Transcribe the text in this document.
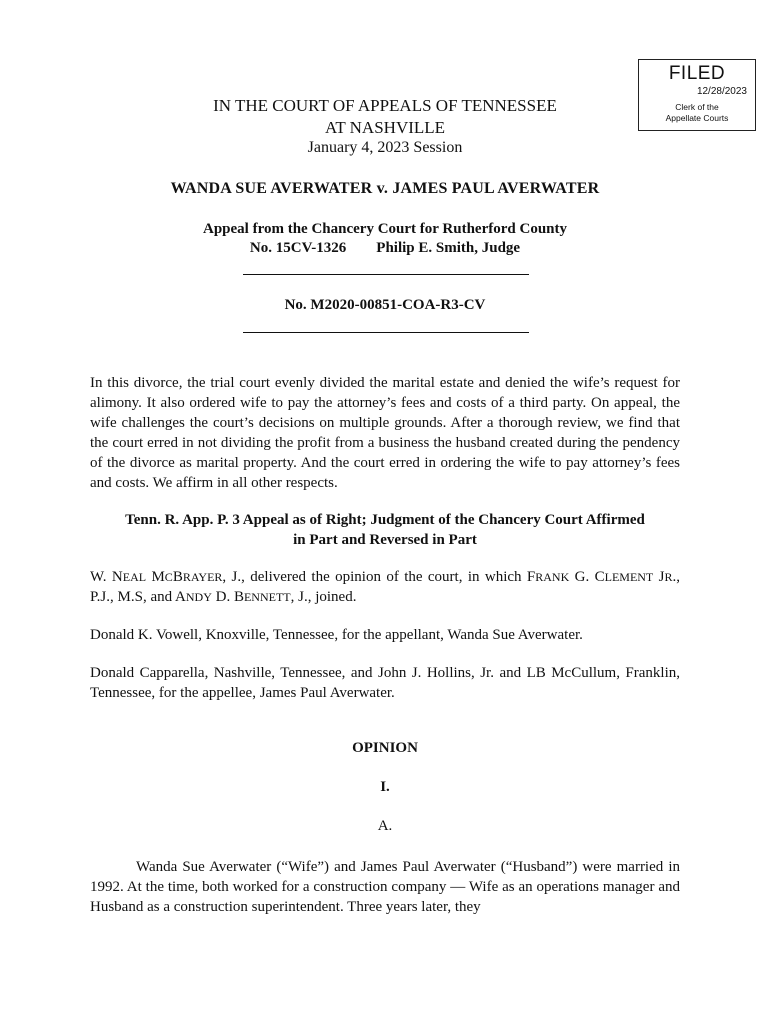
FILED
12/28/2023
Clerk of the
Appellate Courts
IN THE COURT OF APPEALS OF TENNESSEE
AT NASHVILLE
January 4, 2023 Session
WANDA SUE AVERWATER v. JAMES PAUL AVERWATER
Appeal from the Chancery Court for Rutherford County
No. 15CV-1326 Philip E. Smith, Judge
No. M2020-00851-COA-R3-CV
In this divorce, the trial court evenly divided the marital estate and denied the wife’s request for alimony. It also ordered wife to pay the attorney’s fees and costs of a third party. On appeal, the wife challenges the court’s decisions on multiple grounds. After a thorough review, we find that the court erred in not dividing the profit from a business the husband created during the pendency of the divorce as marital property. And the court erred in ordering the wife to pay attorney’s fees and costs. We affirm in all other respects.
Tenn. R. App. P. 3 Appeal as of Right; Judgment of the Chancery Court Affirmed
in Part and Reversed in Part
W. NEAL MCBRAYER, J., delivered the opinion of the court, in which FRANK G. CLEMENT JR., P.J., M.S, and ANDY D. BENNETT, J., joined.
Donald K. Vowell, Knoxville, Tennessee, for the appellant, Wanda Sue Averwater.
Donald Capparella, Nashville, Tennessee, and John J. Hollins, Jr. and LB McCullum, Franklin, Tennessee, for the appellee, James Paul Averwater.
OPINION
I.
A.
Wanda Sue Averwater (“Wife”) and James Paul Averwater (“Husband”) were married in 1992. At the time, both worked for a construction company — Wife as an operations manager and Husband as a construction superintendent. Three years later, they
